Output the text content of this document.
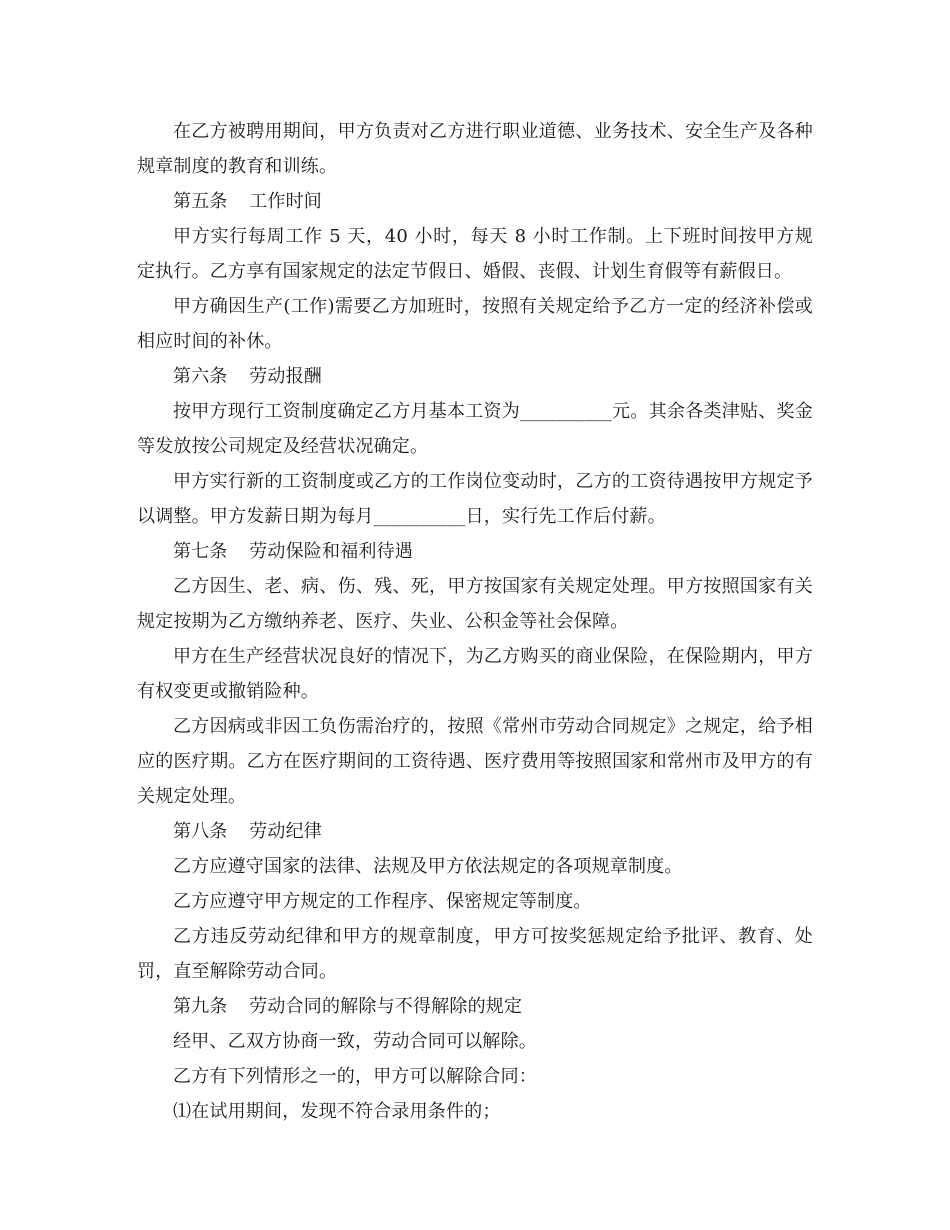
在乙方被聘用期间，甲方负责对乙方进行职业道德、业务技术、安全生产及各种规章制度的教育和训练。

第五条 工作时间

甲方实行每周工作 5 天，40 小时，每天 8 小时工作制。上下班时间按甲方规定执行。乙方享有国家规定的法定节假日、婚假、丧假、计划生育假等有薪假日。

甲方确因生产(工作)需要乙方加班时，按照有关规定给予乙方一定的经济补偿或相应时间的补休。

第六条 劳动报酬

按甲方现行工资制度确定乙方月基本工资为__________元。其余各类津贴、奖金等发放按公司规定及经营状况确定。

甲方实行新的工资制度或乙方的工作岗位变动时，乙方的工资待遇按甲方规定予以调整。甲方发薪日期为每月__________日，实行先工作后付薪。

第七条 劳动保险和福利待遇

乙方因生、老、病、伤、残、死，甲方按国家有关规定处理。甲方按照国家有关规定按期为乙方缴纳养老、医疗、失业、公积金等社会保障。

甲方在生产经营状况良好的情况下，为乙方购买的商业保险，在保险期内，甲方有权变更或撤销险种。

乙方因病或非因工负伤需治疗的，按照《常州市劳动合同规定》之规定，给予相应的医疗期。乙方在医疗期间的工资待遇、医疗费用等按照国家和常州市及甲方的有关规定处理。

第八条 劳动纪律

乙方应遵守国家的法律、法规及甲方依法规定的各项规章制度。

乙方应遵守甲方规定的工作程序、保密规定等制度。

乙方违反劳动纪律和甲方的规章制度，甲方可按奖惩规定给予批评、教育、处罚，直至解除劳动合同。

第九条 劳动合同的解除与不得解除的规定

经甲、乙双方协商一致，劳动合同可以解除。

乙方有下列情形之一的，甲方可以解除合同：

⑴在试用期间，发现不符合录用条件的；
